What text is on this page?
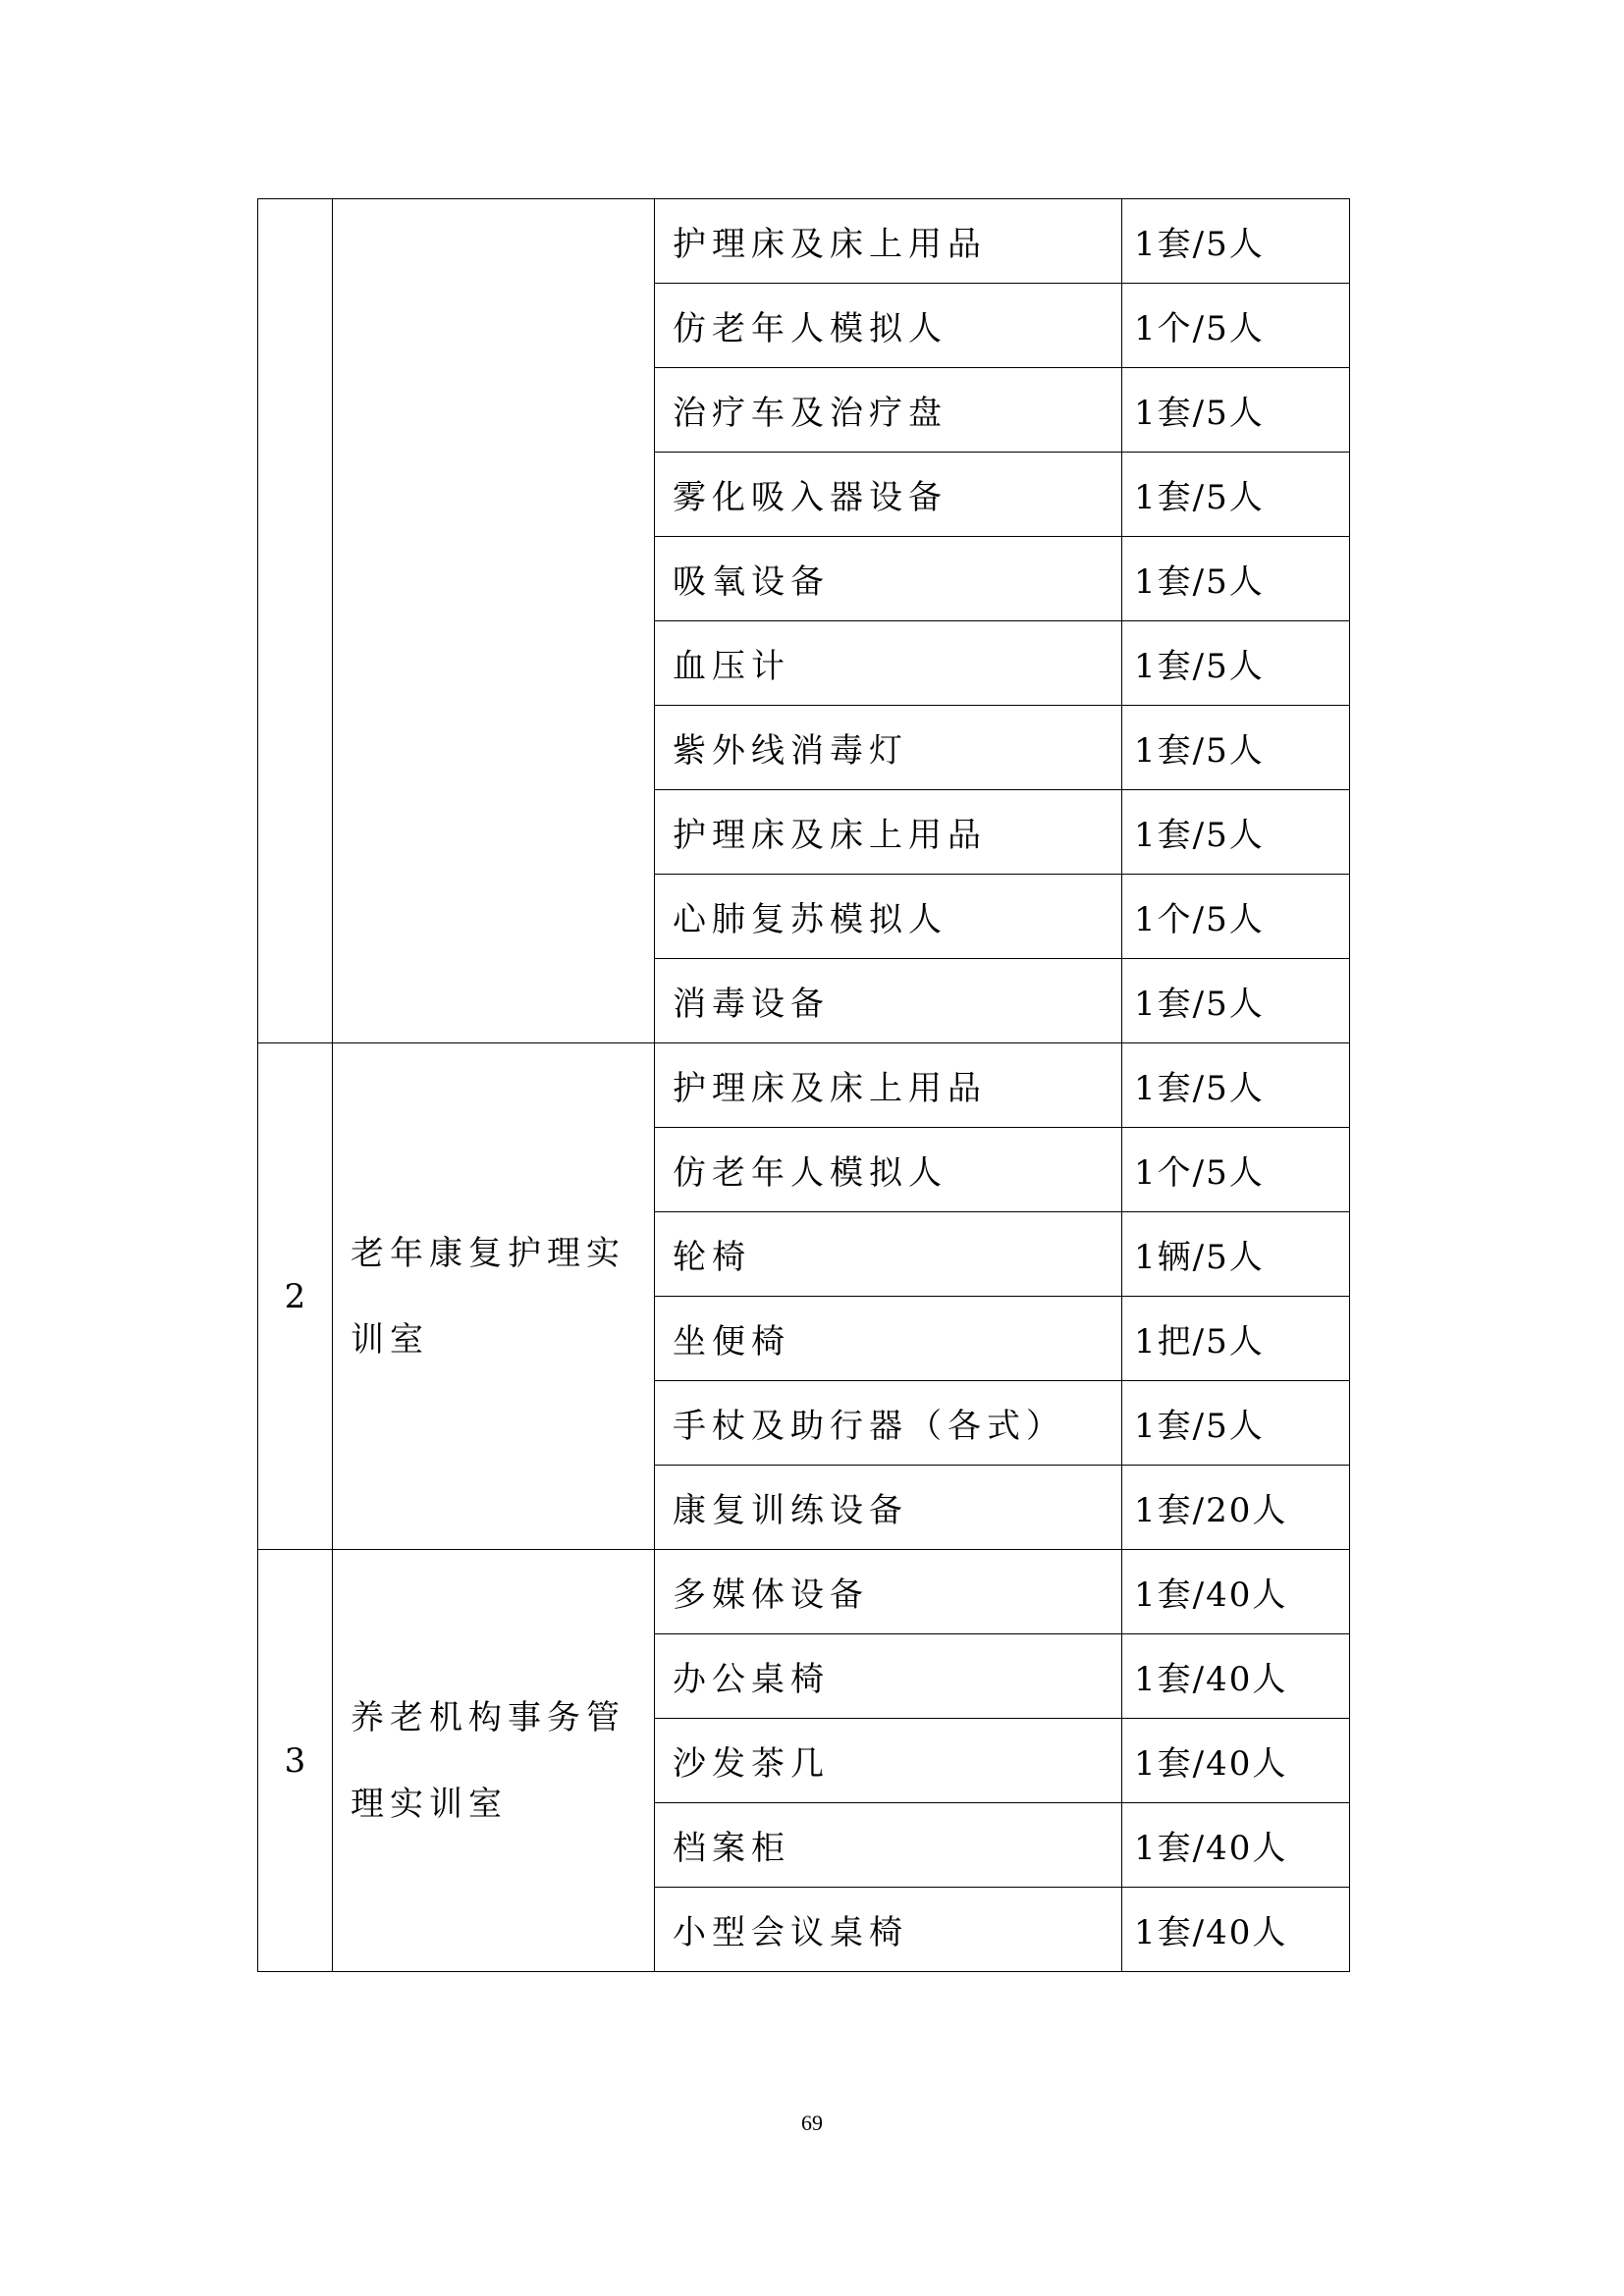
		护理床及床上用品	1套/5人
		仿老年人模拟人	1个/5人
		治疗车及治疗盘	1套/5人
		雾化吸入器设备	1套/5人
		吸氧设备	1套/5人
		血压计	1套/5人
		紫外线消毒灯	1套/5人
		护理床及床上用品	1套/5人
		心肺复苏模拟人	1个/5人
		消毒设备	1套/5人
2	老年康复护理实训室	护理床及床上用品	1套/5人
		仿老年人模拟人	1个/5人
		轮椅	1辆/5人
		坐便椅	1把/5人
		手杖及助行器（各式）	1套/5人
		康复训练设备	1套/20人
3	养老机构事务管理实训室	多媒体设备	1套/40人
		办公桌椅	1套/40人
		沙发茶几	1套/40人
		档案柜	1套/40人
		小型会议桌椅	1套/40人
69
